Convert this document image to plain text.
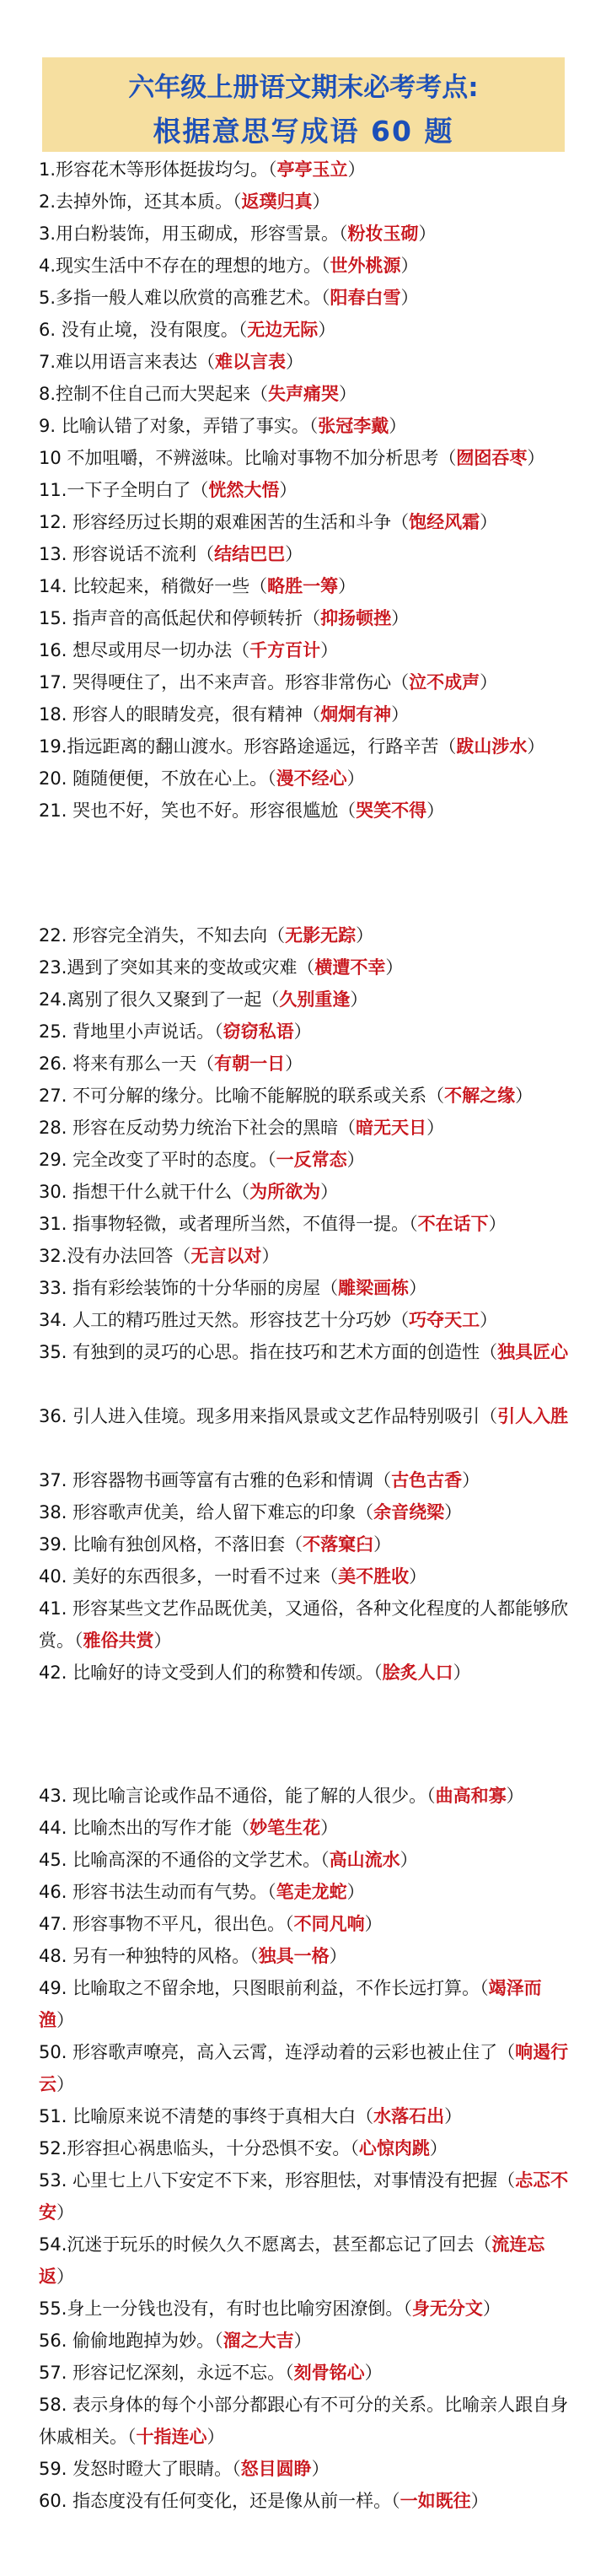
六年级上册语文期末必考考点:
根据意思写成语 60 题
1.形容花木等形体挺拔均匀。（亭亭玉立）
2.去掉外饰，还其本质。（返璞归真）
3.用白粉装饰，用玉砌成，形容雪景。（粉妆玉砌）
4.现实生活中不存在的理想的地方。（世外桃源）
5.多指一般人难以欣赏的高雅艺术。（阳春白雪）
6. 没有止境，没有限度。（无边无际）
7.难以用语言来表达（难以言表）
8.控制不住自己而大哭起来（失声痛哭）
9. 比喻认错了对象，弄错了事实。（张冠李戴）
10 不加咀嚼，不辨滋味。比喻对事物不加分析思考（囫囵吞枣）
11.一下子全明白了（恍然大悟）
12. 形容经历过长期的艰难困苦的生活和斗争（饱经风霜）
13. 形容说话不流利（结结巴巴）
14. 比较起来，稍微好一些（略胜一筹）
15. 指声音的高低起伏和停顿转折（抑扬顿挫）
16. 想尽或用尽一切办法（千方百计）
17. 哭得哽住了，出不来声音。形容非常伤心（泣不成声）
18. 形容人的眼睛发亮，很有精神（炯炯有神）
19.指远距离的翻山渡水。形容路途遥远，行路辛苦（跋山涉水）
20. 随随便便，不放在心上。（漫不经心）
21. 哭也不好，笑也不好。形容很尴尬（哭笑不得）
22. 形容完全消失，不知去向（无影无踪）
23.遇到了突如其来的变故或灾难（横遭不幸）
24.离别了很久又聚到了一起（久别重逢）
25. 背地里小声说话。（窃窃私语）
26. 将来有那么一天（有朝一日）
27. 不可分解的缘分。比喻不能解脱的联系或关系（不解之缘）
28. 形容在反动势力统治下社会的黑暗（暗无天日）
29. 完全改变了平时的态度。（一反常态）
30. 指想干什么就干什么（为所欲为）
31. 指事物轻微，或者理所当然，不值得一提。（不在话下）
32.没有办法回答（无言以对）
33. 指有彩绘装饰的十分华丽的房屋（雕梁画栋）
34. 人工的精巧胜过天然。形容技艺十分巧妙（巧夺天工）
35. 有独到的灵巧的心思。指在技巧和艺术方面的创造性（独具匠心
36. 引人进入佳境。现多用来指风景或文艺作品特别吸引（引人入胜
37. 形容器物书画等富有古雅的色彩和情调（古色古香）
38. 形容歌声优美，给人留下难忘的印象（余音绕梁）
39. 比喻有独创风格，不落旧套（不落窠臼）
40. 美好的东西很多，一时看不过来（美不胜收）
41. 形容某些文艺作品既优美，又通俗，各种文化程度的人都能够欣赏。（雅俗共赏）
42. 比喻好的诗文受到人们的称赞和传颂。（脍炙人口）
43. 现比喻言论或作品不通俗，能了解的人很少。（曲高和寡）
44. 比喻杰出的写作才能（妙笔生花）
45. 比喻高深的不通俗的文学艺术。（高山流水）
46. 形容书法生动而有气势。（笔走龙蛇）
47. 形容事物不平凡，很出色。（不同凡响）
48. 另有一种独特的风格。（独具一格）
49. 比喻取之不留余地，只图眼前利益，不作长远打算。（竭泽而渔）
50. 形容歌声嘹亮，高入云霄，连浮动着的云彩也被止住了（响遏行云）
51. 比喻原来说不清楚的事终于真相大白（水落石出）
52.形容担心祸患临头，十分恐惧不安。（心惊肉跳）
53. 心里七上八下安定不下来，形容胆怯，对事情没有把握（忐忑不安）
54.沉迷于玩乐的时候久久不愿离去，甚至都忘记了回去（流连忘返）
55.身上一分钱也没有，有时也比喻穷困潦倒。（身无分文）
56. 偷偷地跑掉为妙。（溜之大吉）
57. 形容记忆深刻，永远不忘。（刻骨铭心）
58. 表示身体的每个小部分都跟心有不可分的关系。比喻亲人跟自身休戚相关。（十指连心）
59. 发怒时瞪大了眼睛。（怒目圆睁）
60. 指态度没有任何变化，还是像从前一样。（一如既往）
